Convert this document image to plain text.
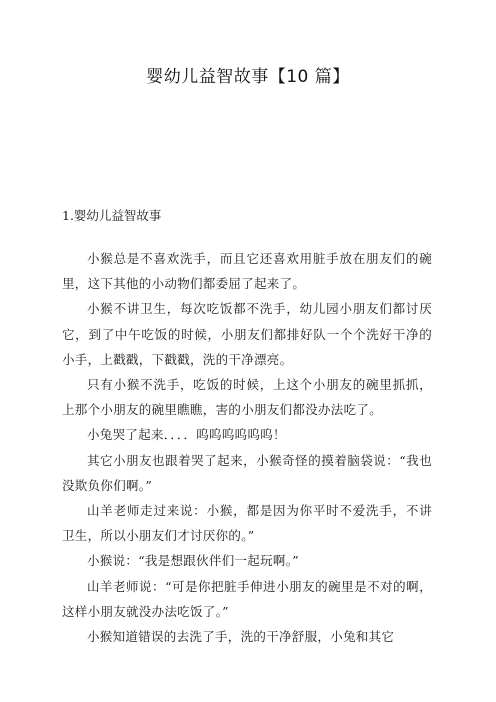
婴幼儿益智故事【10 篇】
1.婴幼儿益智故事

小猴总是不喜欢洗手，而且它还喜欢用脏手放在朋友们的碗里，这下其他的小动物们都委屈了起来了。

小猴不讲卫生，每次吃饭都不洗手，幼儿园小朋友们都讨厌它，到了中午吃饭的时候，小朋友们都排好队一个个洗好干净的小手，上戳戳，下戳戳，洗的干净漂亮。

只有小猴不洗手，吃饭的时候，上这个小朋友的碗里抓抓，上那个小朋友的碗里瞧瞧，害的小朋友们都没办法吃了。

小兔哭了起来．．．．呜呜呜呜呜呜！

其它小朋友也跟着哭了起来，小猴奇怪的摸着脑袋说：“我也没欺负你们啊。”

山羊老师走过来说：小猴，都是因为你平时不爱洗手，不讲卫生，所以小朋友们才讨厌你的。”

小猴说：“我是想跟伙伴们一起玩啊。”

山羊老师说：“可是你把脏手伸进小朋友的碗里是不对的啊，这样小朋友就没办法吃饭了。”

小猴知道错误的去洗了手，洗的干净舒服，小兔和其它
